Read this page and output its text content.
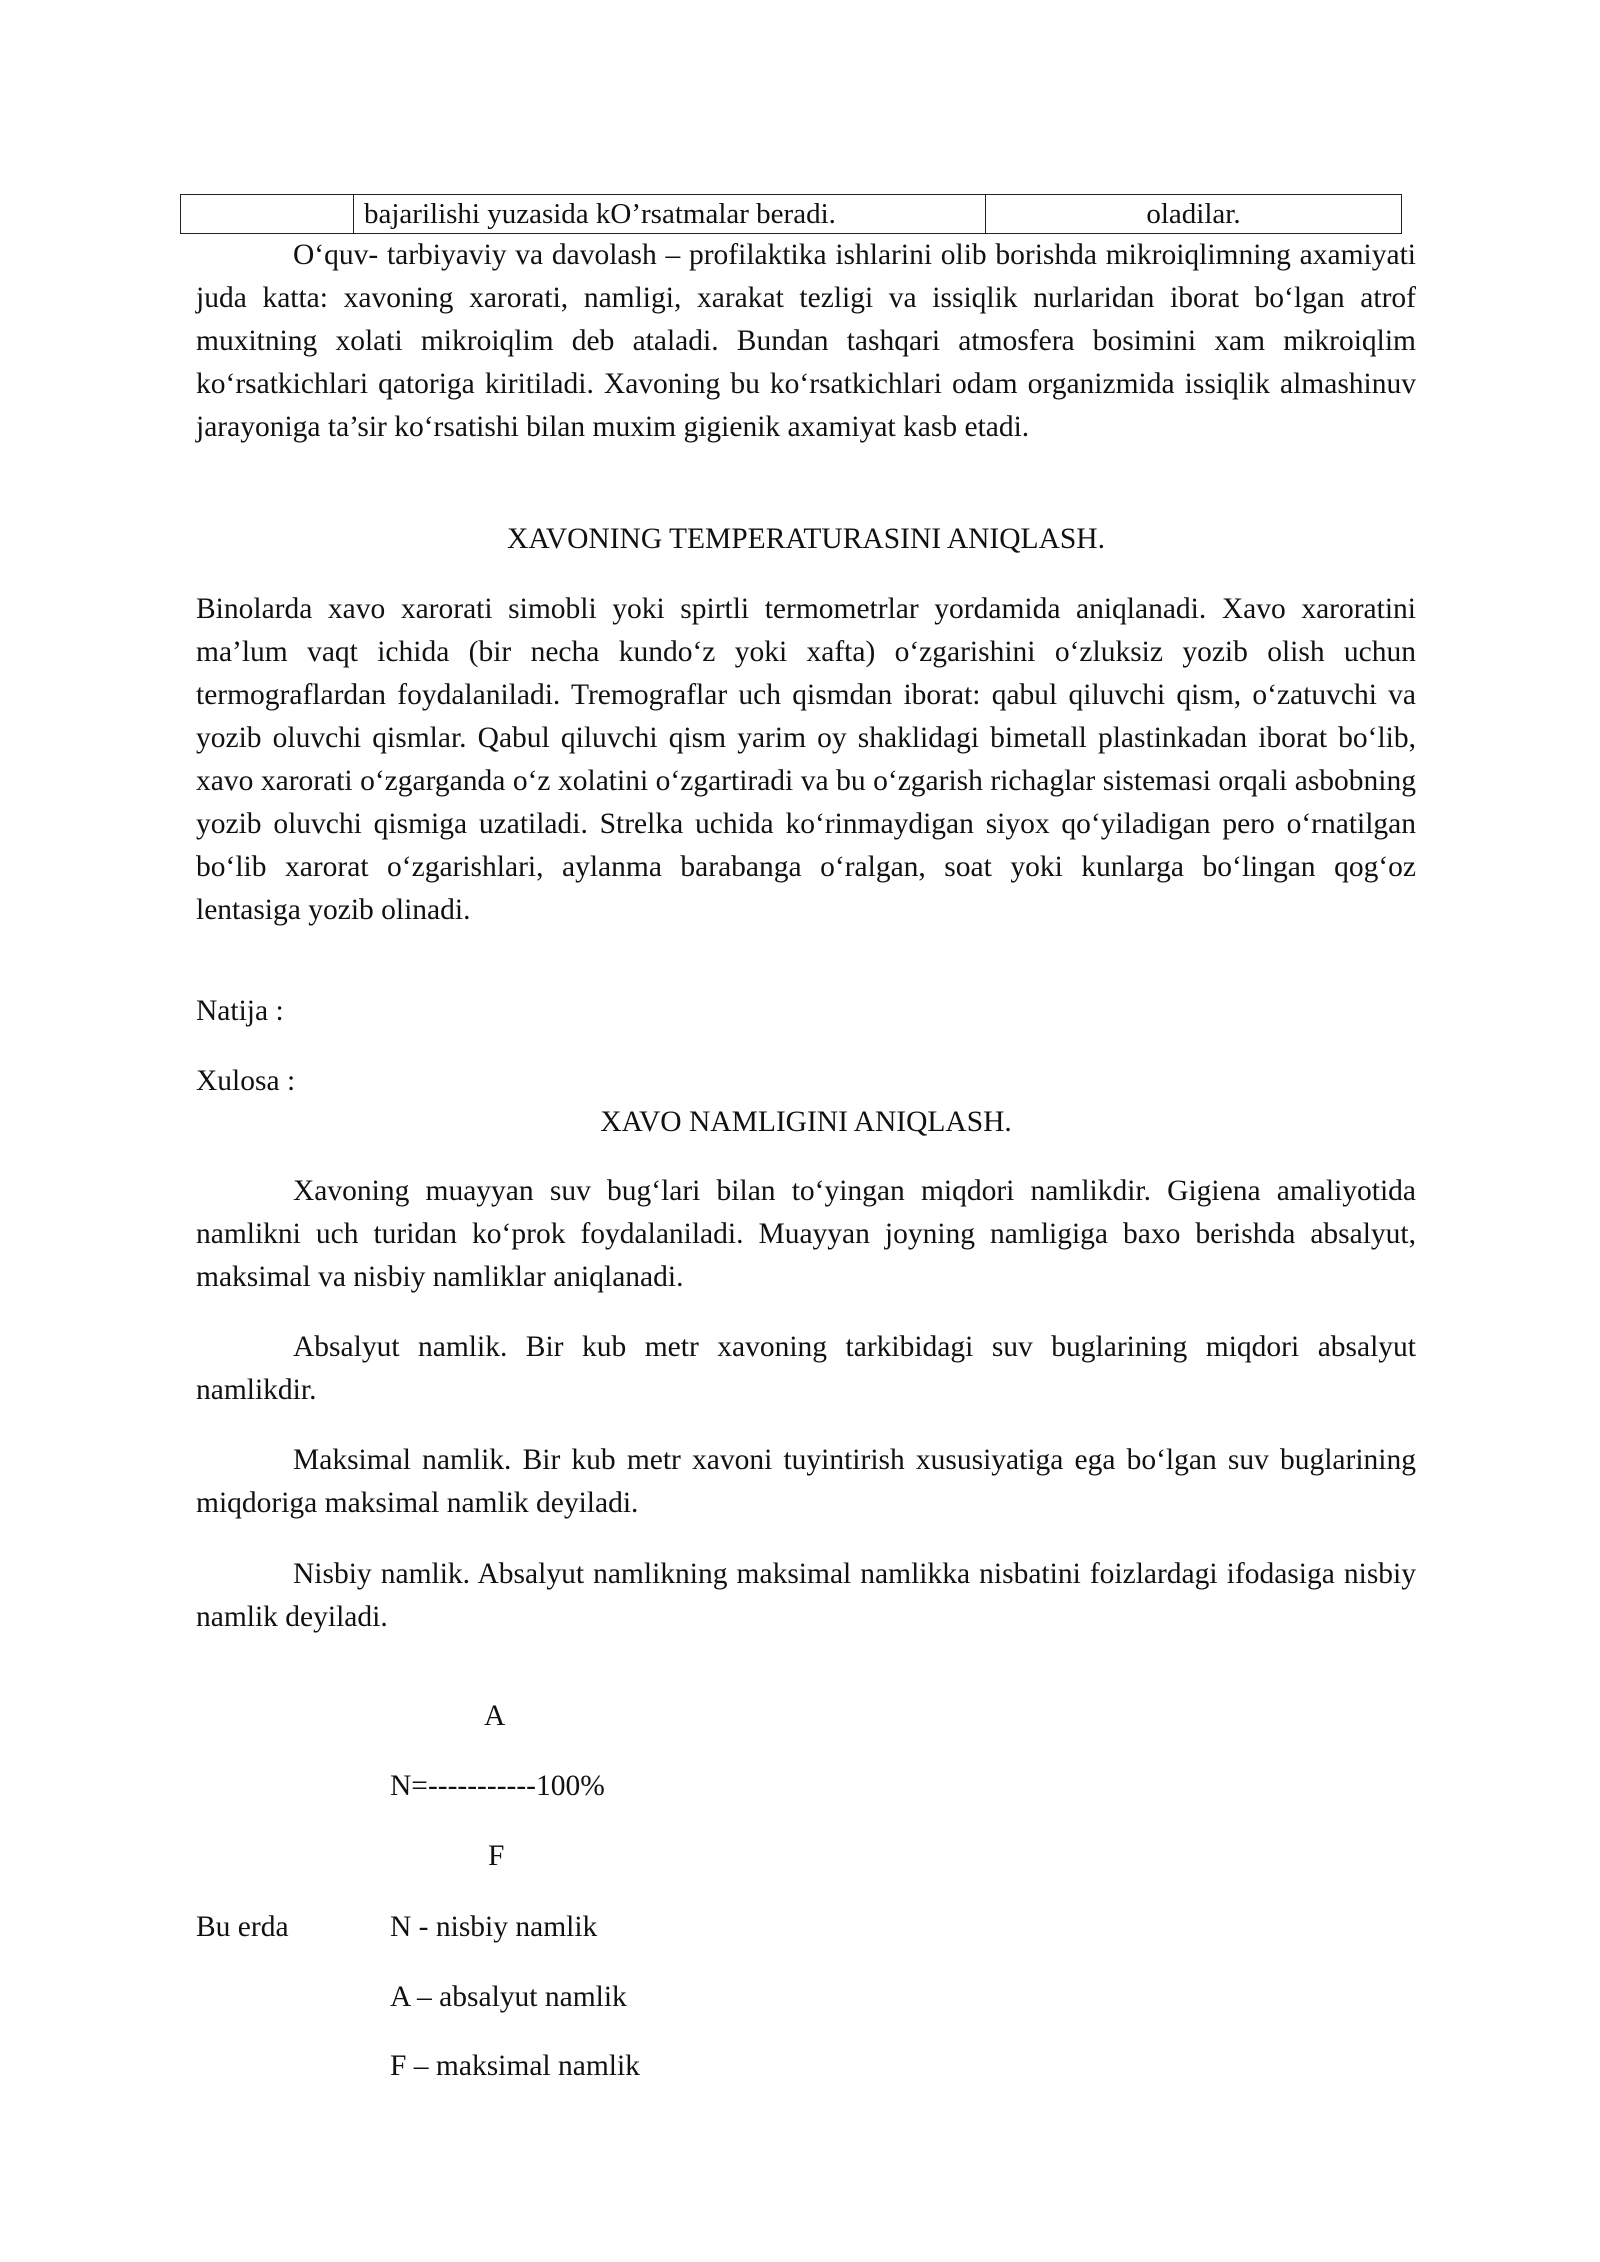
	bajarilishi yuzasida kO’rsatmalar beradi.	oladilar.

O‘quv- tarbiyaviy va davolash – profilaktika ishlarini olib borishda mikroiqlimning axamiyati juda katta: xavoning xarorati, namligi, xarakat tezligi va issiqlik nurlaridan iborat bo‘lgan atrof muxitning xolati mikroiqlim deb ataladi. Bundan tashqari atmosfera bosimini xam mikroiqlim ko‘rsatkichlari qatoriga kiritiladi. Xavoning bu ko‘rsatkichlari odam organizmida issiqlik almashinuv jarayoniga ta’sir ko‘rsatishi bilan muxim gigienik axamiyat kasb etadi.

XAVONING TEMPERATURASINI ANIQLASH.

Binolarda xavo xarorati simobli yoki spirtli termometrlar yordamida aniqlanadi. Xavo xaroratini ma’lum vaqt ichida (bir necha kundo‘z yoki xafta) o‘zgarishini o‘zluksiz yozib olish uchun termograflardan foydalaniladi. Tremograflar uch qismdan iborat: qabul qiluvchi qism, o‘zatuvchi va yozib oluvchi qismlar. Qabul qiluvchi qism yarim oy shaklidagi bimetall plastinkadan iborat bo‘lib, xavo xarorati o‘zgarganda o‘z xolatini o‘zgartiradi va bu o‘zgarish richaglar sistemasi orqali asbobning yozib oluvchi qismiga uzatiladi. Strelka uchida ko‘rinmaydigan siyox qo‘yiladigan pero o‘rnatilgan bo‘lib xarorat o‘zgarishlari, aylanma barabanga o‘ralgan, soat yoki kunlarga bo‘lingan qog‘oz lentasiga yozib olinadi.

Natija :

Xulosa :

XAVO NAMLIGINI ANIQLASH.

Xavoning muayyan suv bug‘lari bilan to‘yingan miqdori namlikdir. Gigiena amaliyotida namlikni uch turidan ko‘prok foydalaniladi. Muayyan joyning namligiga baxo berishda absalyut, maksimal va nisbiy namliklar aniqlanadi.

Absalyut namlik. Bir kub metr xavoning tarkibidagi suv buglarining miqdori absalyut namlikdir.

Maksimal namlik. Bir kub metr xavoni tuyintirish xususiyatiga ega bo‘lgan suv buglarining miqdoriga maksimal namlik deyiladi.

Nisbiy namlik. Absalyut namlikning maksimal namlikka nisbatini foizlardagi ifodasiga nisbiy namlik deyiladi.

A

N=-----------100%

F

Bu erda	N - nisbiy namlik

A – absalyut namlik

F – maksimal namlik
